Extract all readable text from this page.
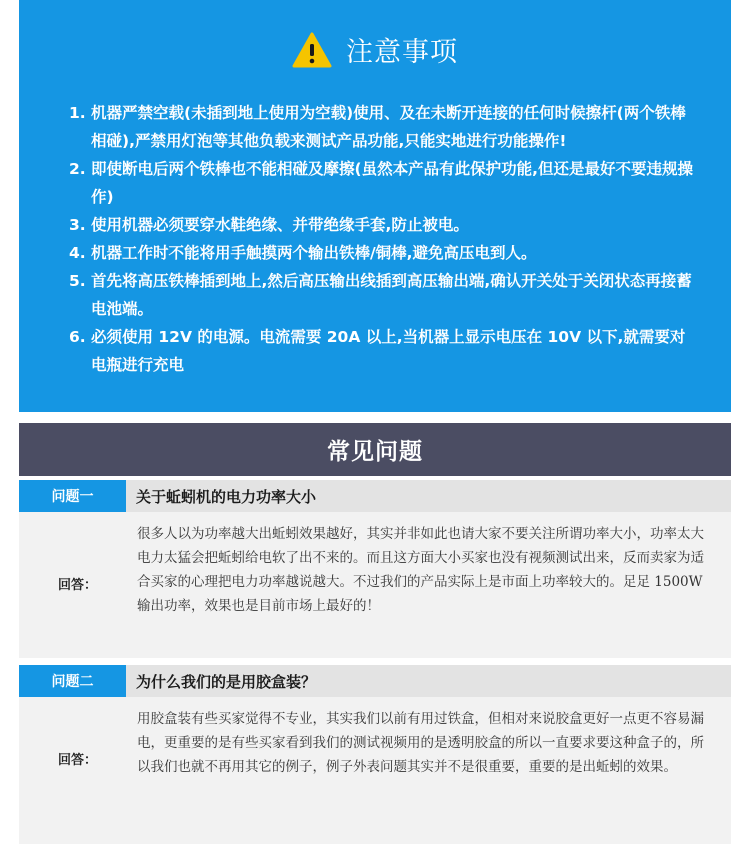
注意事项
1. 机器严禁空载(未插到地上使用为空载)使用、及在未断开连接的任何时候擦杆(两个铁棒相碰),严禁用灯泡等其他负载来测试产品功能,只能实地进行功能操作!
2. 即使断电后两个铁棒也不能相碰及摩擦(虽然本产品有此保护功能,但还是最好不要违规操作)
3. 使用机器必须要穿水鞋绝缘、并带绝缘手套,防止被电。
4. 机器工作时不能将用手触摸两个输出铁棒/铜棒,避免高压电到人。
5. 首先将高压铁棒插到地上,然后高压输出线插到高压输出端,确认开关处于关闭状态再接蓄电池端。
6. 必须使用 12V 的电源。电流需要 20A 以上,当机器上显示电压在 10V 以下,就需要对电瓶进行充电
常见问题
问题一	关于蚯蚓机的电力功率大小
回答：
很多人以为功率越大出蚯蚓效果越好，其实并非如此也请大家不要关注所谓功率大小，功率太大电力太猛会把蚯蚓给电软了出不来的。而且这方面大小买家也没有视频测试出来，反而卖家为适合买家的心理把电力功率越说越大。不过我们的产品实际上是市面上功率较大的。足足 1500W 输出功率，效果也是目前市场上最好的！
问题二	为什么我们的是用胶盒装？
回答：
用胶盒装有些买家觉得不专业，其实我们以前有用过铁盒，但相对来说胶盒更好一点更不容易漏电，更重要的是有些买家看到我们的测试视频用的是透明胶盒的所以一直要求要这种盒子的，所以我们也就不再用其它的例子，例子外表问题其实并不是很重要，重要的是出蚯蚓的效果。
